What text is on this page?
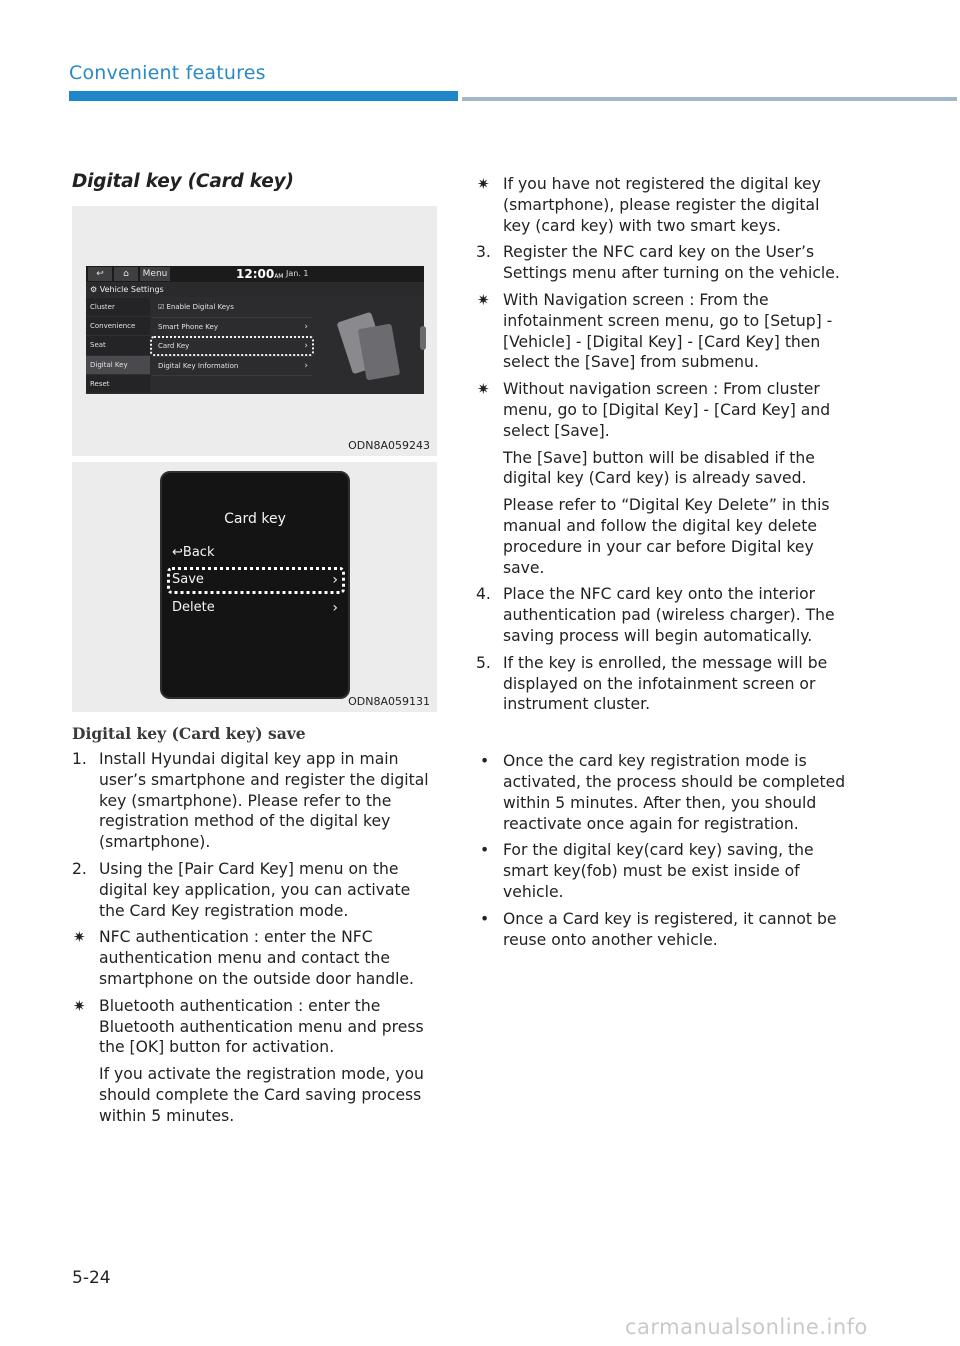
Convenient features
Digital key (Card key)
↩	⌂	Menu	12:00AM Jan. 1
⚙ Vehicle Settings
Cluster
Convenience
Seat
Digital Key
Reset
☑ Enable Digital Keys
Smart Phone Key	›
Card Key	›
Digital Key Information	›
ODN8A059243
Card key
↩Back
Save	›
Delete	›
ODN8A059131
Digital key (Card key) save
1. Install Hyundai digital key app in main user’s smartphone and register the digital key (smartphone). Please refer to the registration method of the digital key (smartphone).
2. Using the [Pair Card Key] menu on the digital key application, you can activate the Card Key registration mode.
✷ NFC authentication : enter the NFC authentication menu and contact the smartphone on the outside door handle.
✷ Bluetooth authentication : enter the Bluetooth authentication menu and press the [OK] button for activation.

If you activate the registration mode, you should complete the Card saving process within 5 minutes.

✷ If you have not registered the digital key (smartphone), please register the digital key (card key) with two smart keys.
3. Register the NFC card key on the User’s Settings menu after turning on the vehicle.
✷ With Navigation screen : From the infotainment screen menu, go to [Setup] - [Vehicle] - [Digital Key] - [Card Key] then select the [Save] from submenu.
✷ Without navigation screen : From cluster menu, go to [Digital Key] - [Card Key] and select [Save].

The [Save] button will be disabled if the digital key (Card key) is already saved.

Please refer to “Digital Key Delete” in this manual and follow the digital key delete procedure in your car before Digital key save.

4. Place the NFC card key onto the interior authentication pad (wireless charger). The saving process will begin automatically.
5. If the key is enrolled, the message will be displayed on the infotainment screen or instrument cluster.
• Once the card key registration mode is activated, the process should be completed within 5 minutes. After then, you should reactivate once again for registration.
• For the digital key(card key) saving, the smart key(fob) must be exist inside of vehicle.
• Once a Card key is registered, it cannot be reuse onto another vehicle.
5-24
carmanualsonline.info
